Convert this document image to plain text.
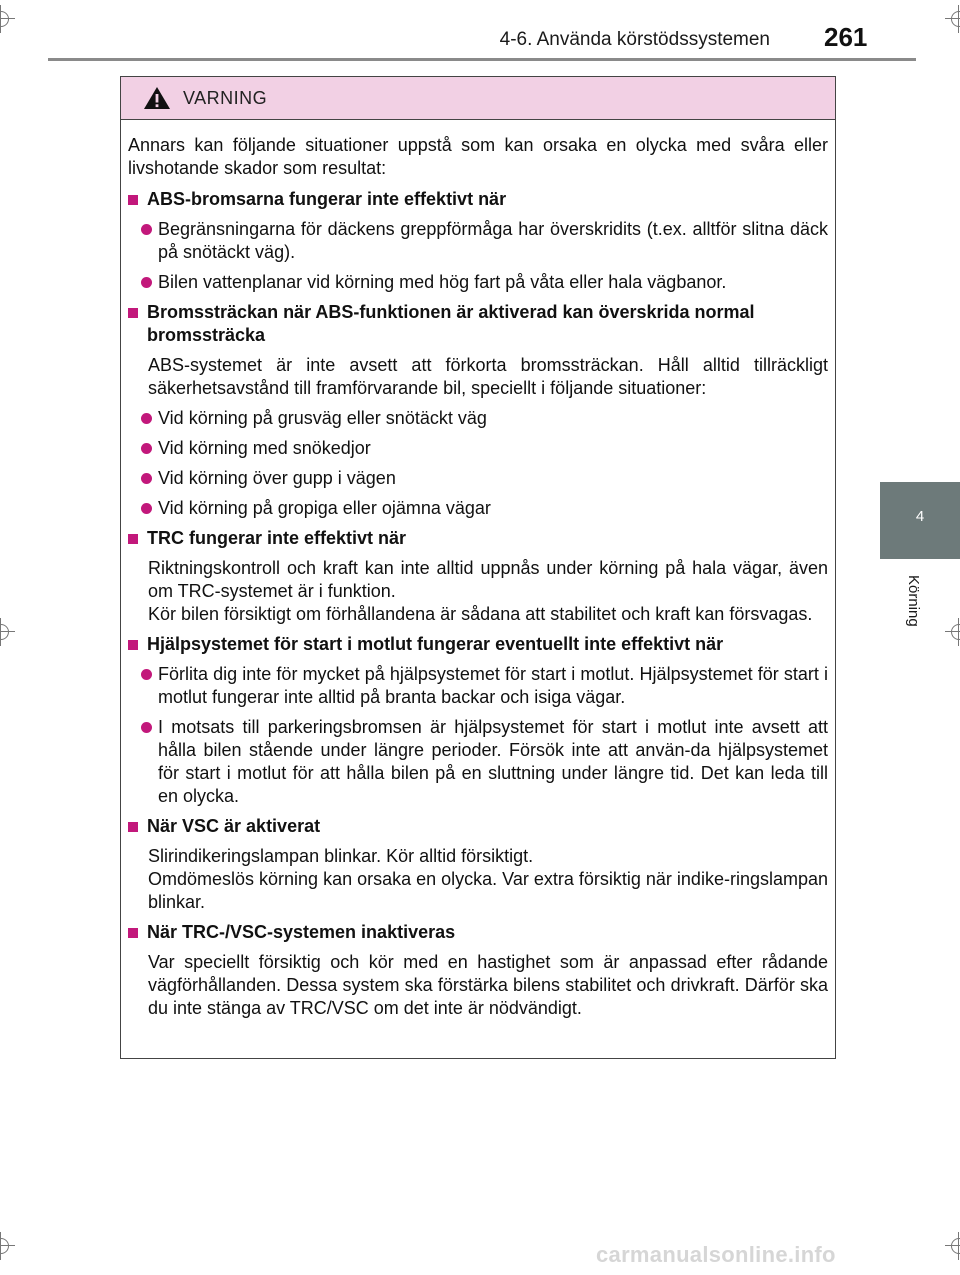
4-6. Använda körstödssystemen 261
4
Körning
VARNING

Annars kan följande situationer uppstå som kan orsaka en olycka med svåra eller livshotande skador som resultat:

ABS-bromsarna fungerar inte effektivt när
Begränsningarna för däckens greppförmåga har överskridits (t.ex. alltför slitna däck på snötäckt väg).
Bilen vattenplanar vid körning med hög fart på våta eller hala vägbanor.
Bromssträckan när ABS-funktionen är aktiverad kan överskrida normal bromssträcka

ABS-systemet är inte avsett att förkorta bromssträckan. Håll alltid tillräckligt säkerhetsavstånd till framförvarande bil, speciellt i följande situationer:

Vid körning på grusväg eller snötäckt väg
Vid körning med snökedjor
Vid körning över gupp i vägen
Vid körning på gropiga eller ojämna vägar
TRC fungerar inte effektivt när

Riktningskontroll och kraft kan inte alltid uppnås under körning på hala vägar, även om TRC-systemet är i funktion.
Kör bilen försiktigt om förhållandena är sådana att stabilitet och kraft kan försvagas.

Hjälpsystemet för start i motlut fungerar eventuellt inte effektivt när
Förlita dig inte för mycket på hjälpsystemet för start i motlut. Hjälpsystemet för start i motlut fungerar inte alltid på branta backar och isiga vägar.
I motsats till parkeringsbromsen är hjälpsystemet för start i motlut inte avsett att hålla bilen stående under längre perioder. Försök inte att använ-da hjälpsystemet för start i motlut för att hålla bilen på en sluttning under längre tid. Det kan leda till en olycka.
När VSC är aktiverat

Slirindikeringslampan blinkar. Kör alltid försiktigt.
Omdömeslös körning kan orsaka en olycka. Var extra försiktig när indike-ringslampan blinkar.

När TRC-/VSC-systemen inaktiveras

Var speciellt försiktig och kör med en hastighet som är anpassad efter rådande vägförhållanden. Dessa system ska förstärka bilens stabilitet och drivkraft. Därför ska du inte stänga av TRC/VSC om det inte är nödvändigt.

carmanualsonline.info
